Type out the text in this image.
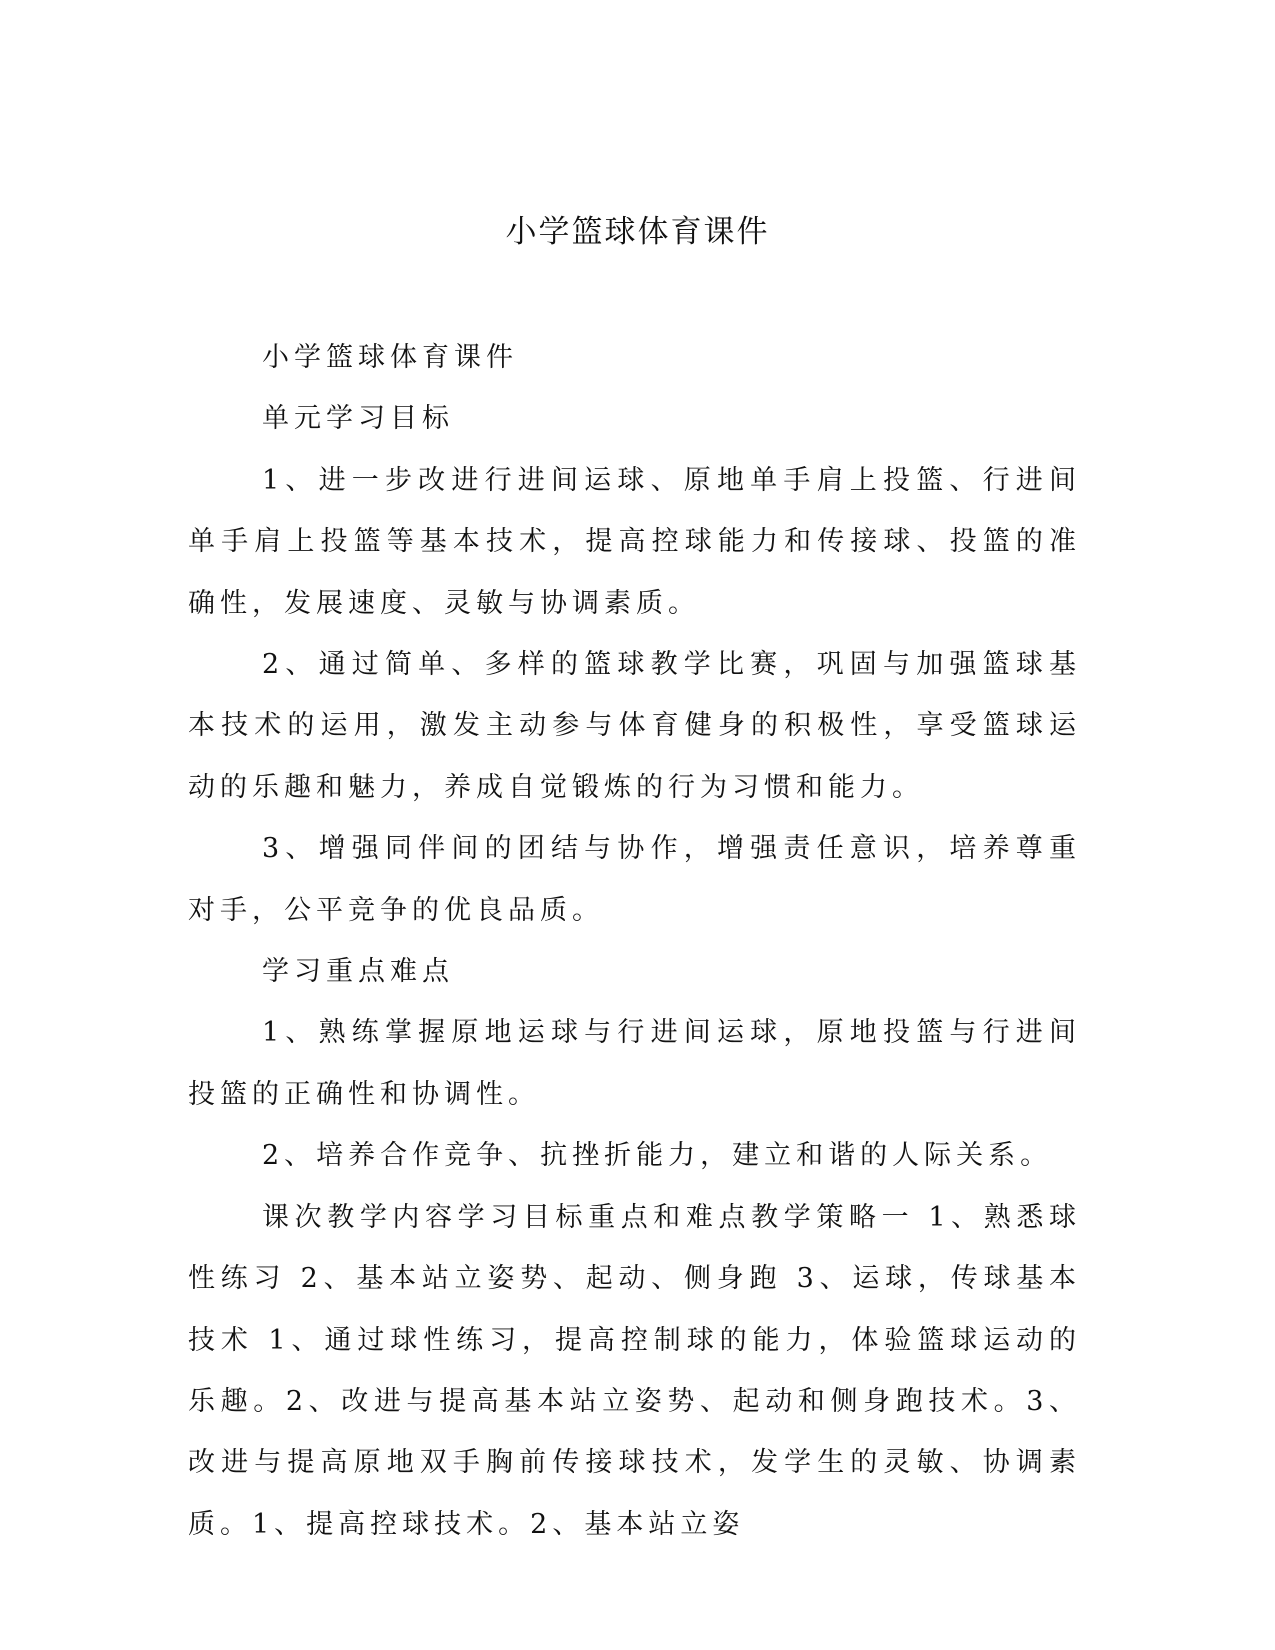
小学篮球体育课件

小学篮球体育课件

单元学习目标

1、进一步改进行进间运球、原地单手肩上投篮、行进间单手肩上投篮等基本技术，提高控球能力和传接球、投篮的准确性，发展速度、灵敏与协调素质。

2、通过简单、多样的篮球教学比赛，巩固与加强篮球基本技术的运用，激发主动参与体育健身的积极性，享受篮球运动的乐趣和魅力，养成自觉锻炼的行为习惯和能力。

3、增强同伴间的团结与协作，增强责任意识，培养尊重对手，公平竞争的优良品质。

学习重点难点

1、熟练掌握原地运球与行进间运球，原地投篮与行进间投篮的正确性和协调性。

2、培养合作竞争、抗挫折能力，建立和谐的人际关系。

课次教学内容学习目标重点和难点教学策略一 1、熟悉球性练习 2、基本站立姿势、起动、侧身跑 3、运球，传球基本技术 1、通过球性练习，提高控制球的能力，体验篮球运动的乐趣。2、改进与提高基本站立姿势、起动和侧身跑技术。3、改进与提高原地双手胸前传接球技术，发学生的灵敏、协调素质。1、提高控球技术。2、基本站立姿
